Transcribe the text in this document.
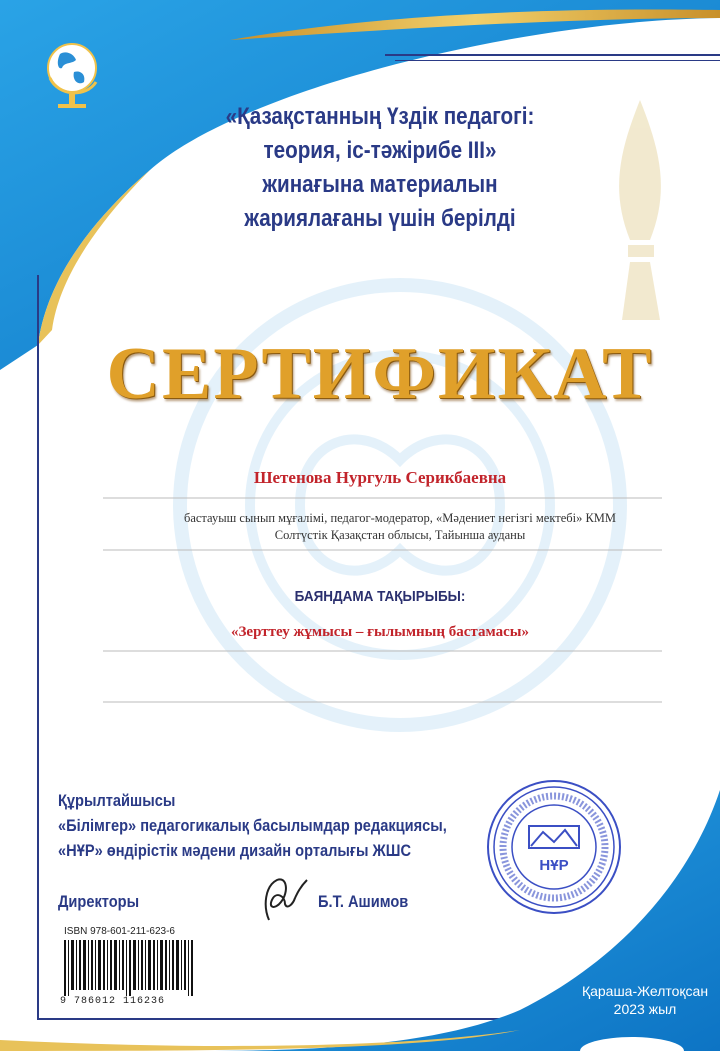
НҰР
«Қазақстанның Үздік педагогі:
теория, іс-тәжірибе III»
жинағына материалын
жариялағаны үшін берілді
СЕРТИФИКАТ
Шетенова Нургуль Серикбаевна
бастауыш сынып мұғалімі, педагог-модератор, «Мәдениет негізгі мектебі» КММ
Солтүстік Қазақстан облысы, Тайынша ауданы
БАЯНДАМА ТАҚЫРЫБЫ:
«Зерттеу жұмысы – ғылымның бастамасы»
Құрылтайшысы
«Білімгер» педагогикалық басылымдар редакциясы,
«НҰР» өндірістік мәдени дизайн орталығы ЖШС
Директоры	Б.Т. Ашимов
ISBN 978-601-211-623-6
9 786012 116236
Қараша-Желтоқсан
2023 жыл
